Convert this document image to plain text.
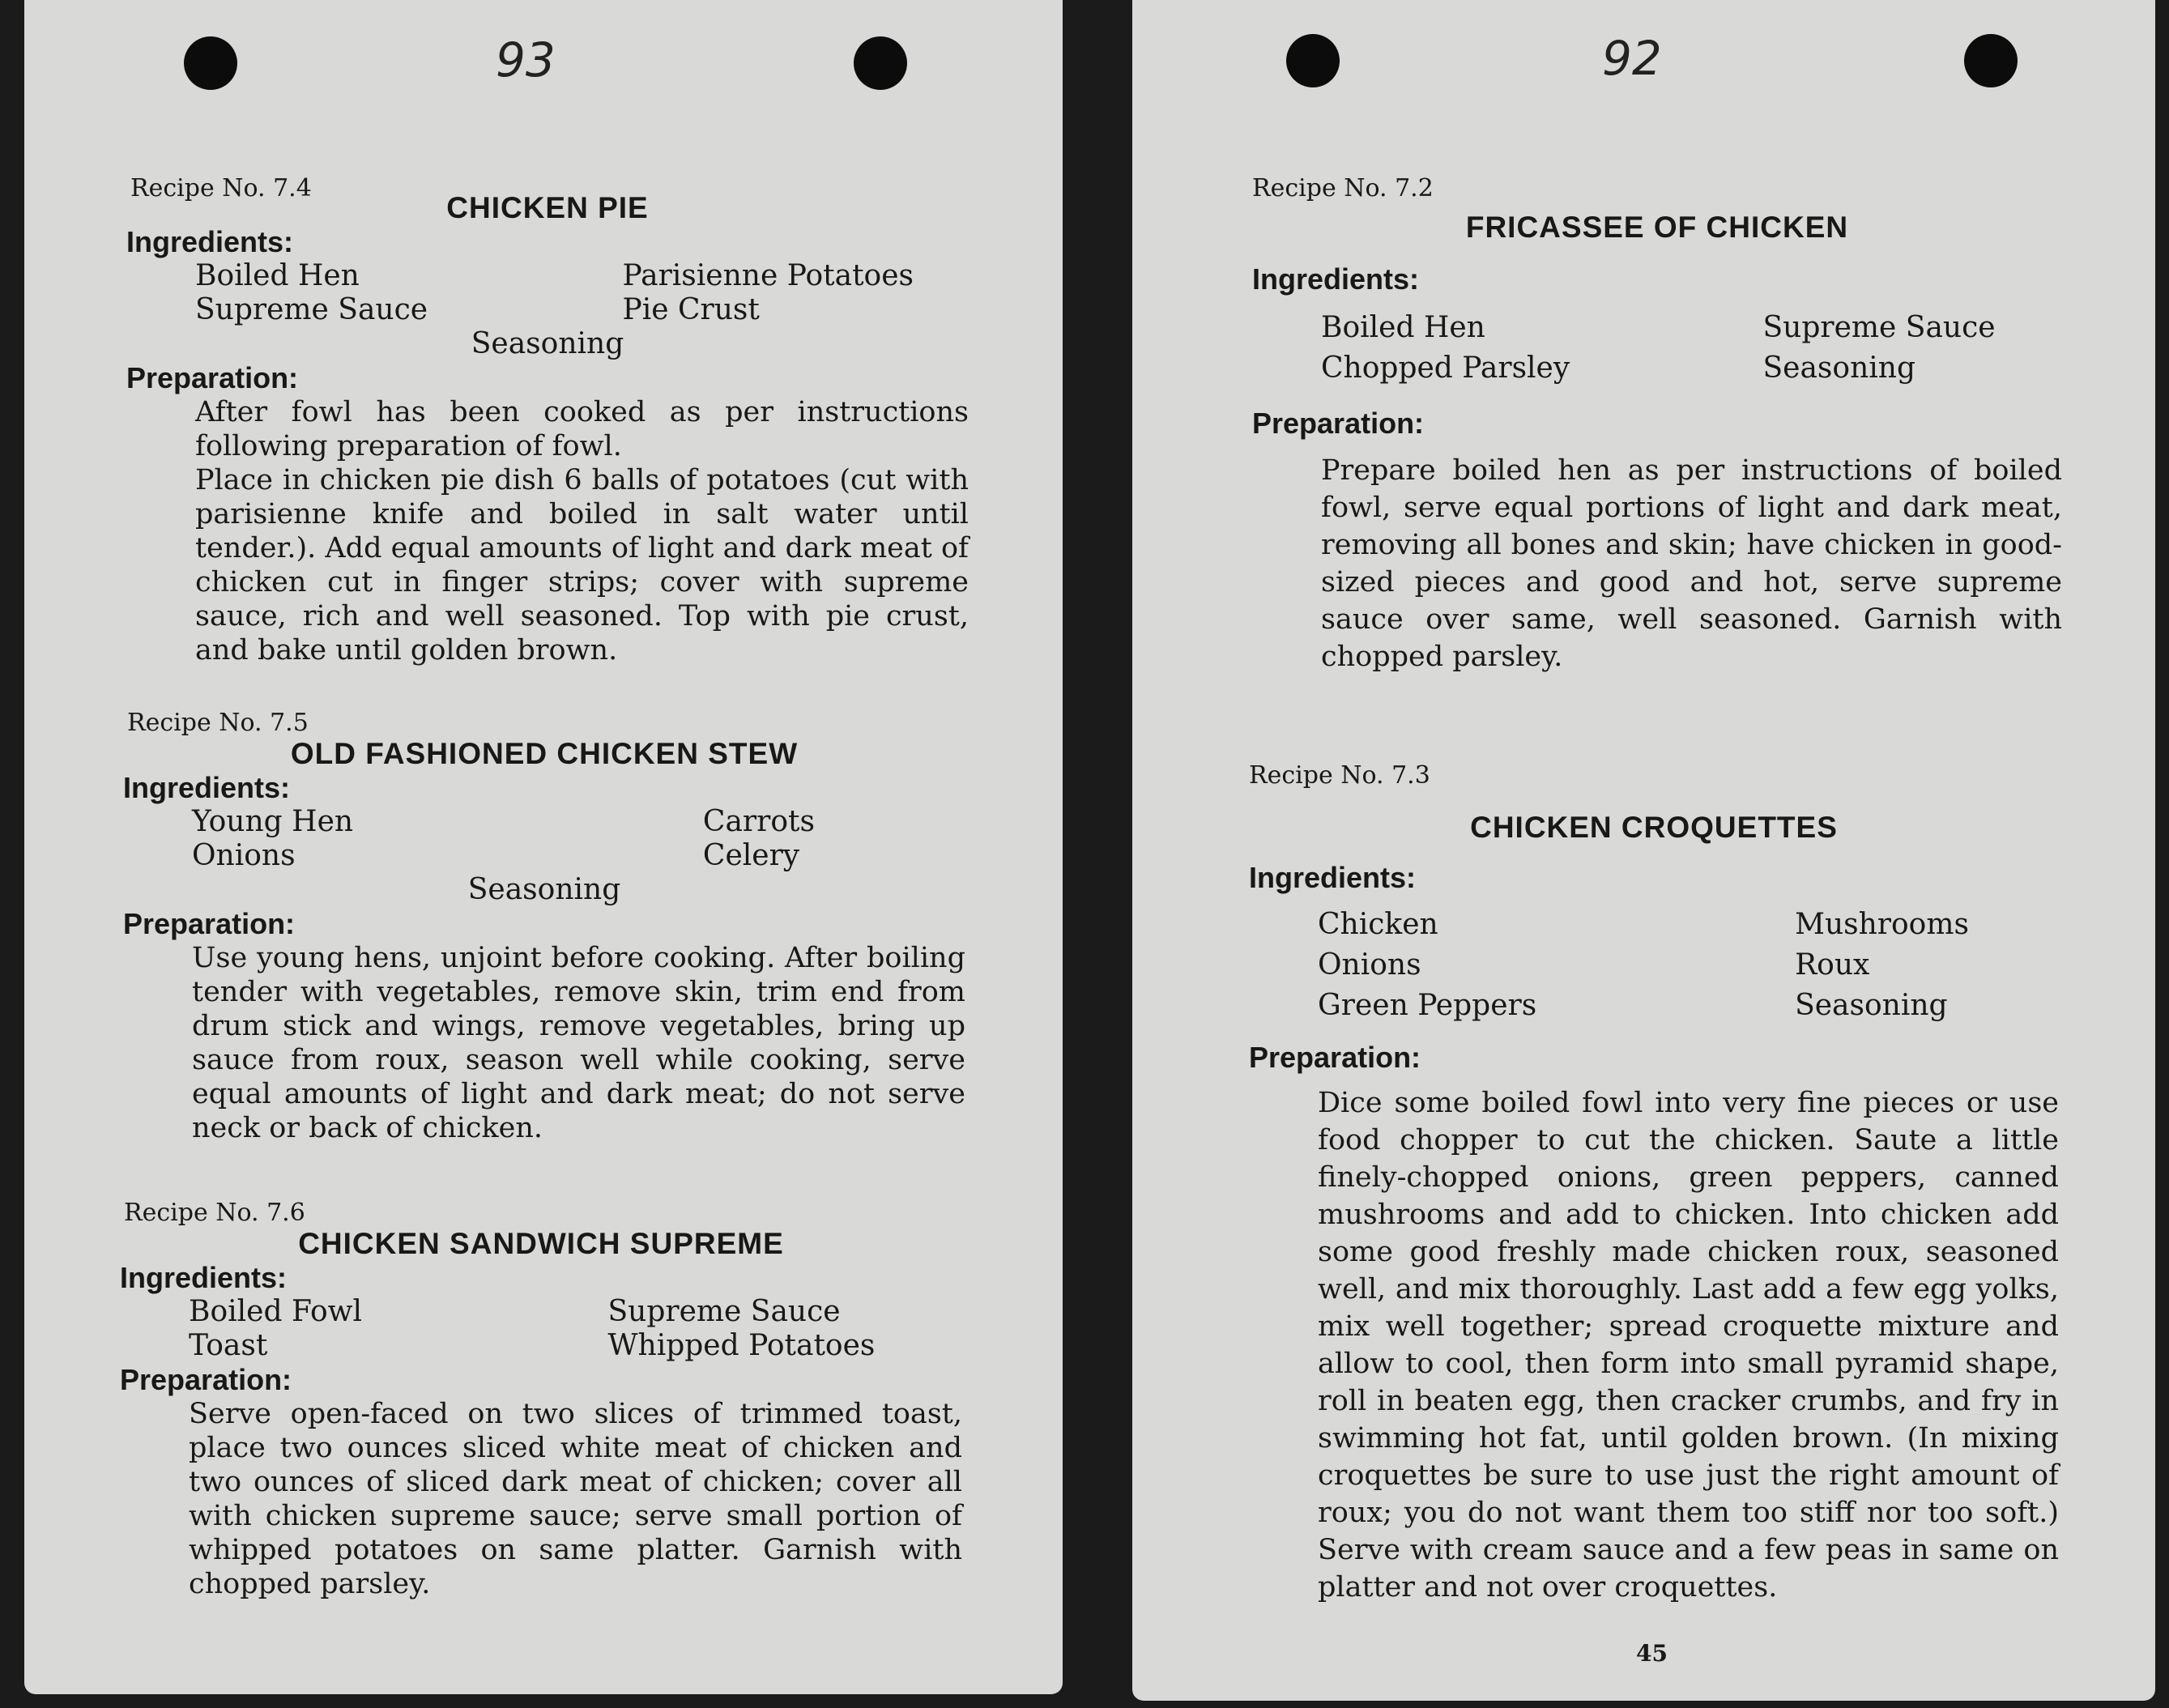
93

Recipe No. 7.4

CHICKEN PIE

Ingredients:

Boiled Hen	Parisienne Potatoes
Supreme Sauce	Pie Crust
Seasoning

Preparation:

After fowl has been cooked as per instructions following preparation of fowl.

Place in chicken pie dish 6 balls of potatoes (cut with parisienne knife and boiled in salt water until tender.). Add equal amounts of light and dark meat of chicken cut in finger strips; cover with supreme sauce, rich and well seasoned. Top with pie crust, and bake until golden brown.

Recipe No. 7.5

OLD FASHIONED CHICKEN STEW

Ingredients:

Young Hen	Carrots
Onions	Celery
Seasoning

Preparation:

Use young hens, unjoint before cooking. After boiling tender with vegetables, remove skin, trim end from drum stick and wings, remove vegetables, bring up sauce from roux, season well while cooking, serve equal amounts of light and dark meat; do not serve neck or back of chicken.

Recipe No. 7.6

CHICKEN SANDWICH SUPREME

Ingredients:

Boiled Fowl	Supreme Sauce
Toast	Whipped Potatoes

Preparation:

Serve open-faced on two slices of trimmed toast, place two ounces sliced white meat of chicken and two ounces of sliced dark meat of chicken; cover all with chicken supreme sauce; serve small portion of whipped potatoes on same platter. Garnish with chopped parsley.

92

Recipe No. 7.2

FRICASSEE OF CHICKEN

Ingredients:

Boiled Hen	Supreme Sauce
Chopped Parsley	Seasoning

Preparation:

Prepare boiled hen as per instructions of boiled fowl, serve equal portions of light and dark meat, removing all bones and skin; have chicken in good-sized pieces and good and hot, serve supreme sauce over same, well seasoned. Garnish with chopped parsley.

Recipe No. 7.3

CHICKEN CROQUETTES

Ingredients:

Chicken	Mushrooms
Onions	Roux
Green Peppers	Seasoning

Preparation:

Dice some boiled fowl into very fine pieces or use food chopper to cut the chicken. Saute a little finely-chopped onions, green peppers, canned mushrooms and add to chicken. Into chicken add some good freshly made chicken roux, seasoned well, and mix thoroughly. Last add a few egg yolks, mix well together; spread croquette mixture and allow to cool, then form into small pyramid shape, roll in beaten egg, then cracker crumbs, and fry in swimming hot fat, until golden brown. (In mixing croquettes be sure to use just the right amount of roux; you do not want them too stiff nor too soft.) Serve with cream sauce and a few peas in same on platter and not over croquettes.

45
